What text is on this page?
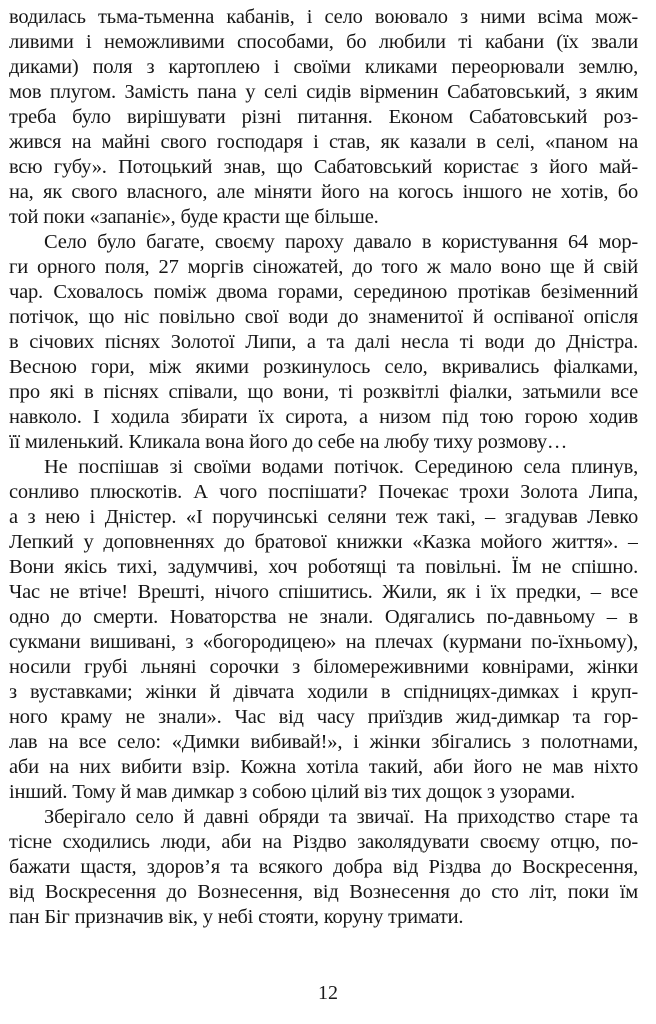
водилась тьма-тьменна кабанів, і село воювало з ними всіма мож-
ливими і неможливими способами, бо любили ті кабани (їх звали
диками) поля з картоплею і своїми кликами переорювали землю,
мов плугом. Замість пана у селі сидів вірменин Сабатовський, з яким
треба було вирішувати різні питання. Економ Сабатовський роз-
жився на майні свого господаря і став, як казали в селі, «паном на
всю губу». Потоцький знав, що Сабатовський користає з його май-
на, як свого власного, але міняти його на когось іншого не хотів, бо
той поки «запаніє», буде красти ще більше.
Село було багате, своєму пароху давало в користування 64 мор-
ги орного поля, 27 моргів сіножатей, до того ж мало воно ще й свій
чар. Сховалось поміж двома горами, серединою протікав безіменний
потічок, що ніс повільно свої води до знаменитої й оспіваної опісля
в січових піснях Золотої Липи, а та далі несла ті води до Дністра.
Весною гори, між якими розкинулось село, вкривались фіалками,
про які в піснях співали, що вони, ті розквітлі фіалки, затьмили все
навколо. І ходила збирати їх сирота, а низом під тою горою ходив
її миленький. Кликала вона його до себе на любу тиху розмову…
Не поспішав зі своїми водами потічок. Серединою села плинув,
сонливо плюскотів. А чого поспішати? Почекає трохи Золота Липа,
а з нею і Дністер. «І поручинські селяни теж такі, – згадував Левко
Лепкий у доповненнях до братової книжки «Казка мойого життя». –
Вони якісь тихі, задумчиві, хоч роботящі та повільні. Їм не спішно.
Час не втіче! Врешті, нічого спішитись. Жили, як і їх предки, – все
одно до смерти. Новаторства не знали. Одягались по-давньому – в
сукмани вишивані, з «богородицею» на плечах (курмани по-їхньому),
носили грубі льняні сорочки з біломереживними ковнірами, жінки
з вуставками; жінки й дівчата ходили в спідницях-димках і круп-
ного краму не знали». Час від часу приїздив жид-димкар та гор-
лав на все село: «Димки вибивай!», і жінки збігались з полотнами,
аби на них вибити взір. Кожна хотіла такий, аби його не мав ніхто
інший. Тому й мав димкар з собою цілий віз тих дощок з узорами.
Зберігало село й давні обряди та звичаї. На приходство старе та
тісне сходились люди, аби на Різдво заколядувати своєму отцю, по-
бажати щастя, здоров’я та всякого добра від Різдва до Воскресення,
від Воскресення до Вознесення, від Вознесення до сто літ, поки їм
пан Біг призначив вік, у небі стояти, коруну тримати.
12
